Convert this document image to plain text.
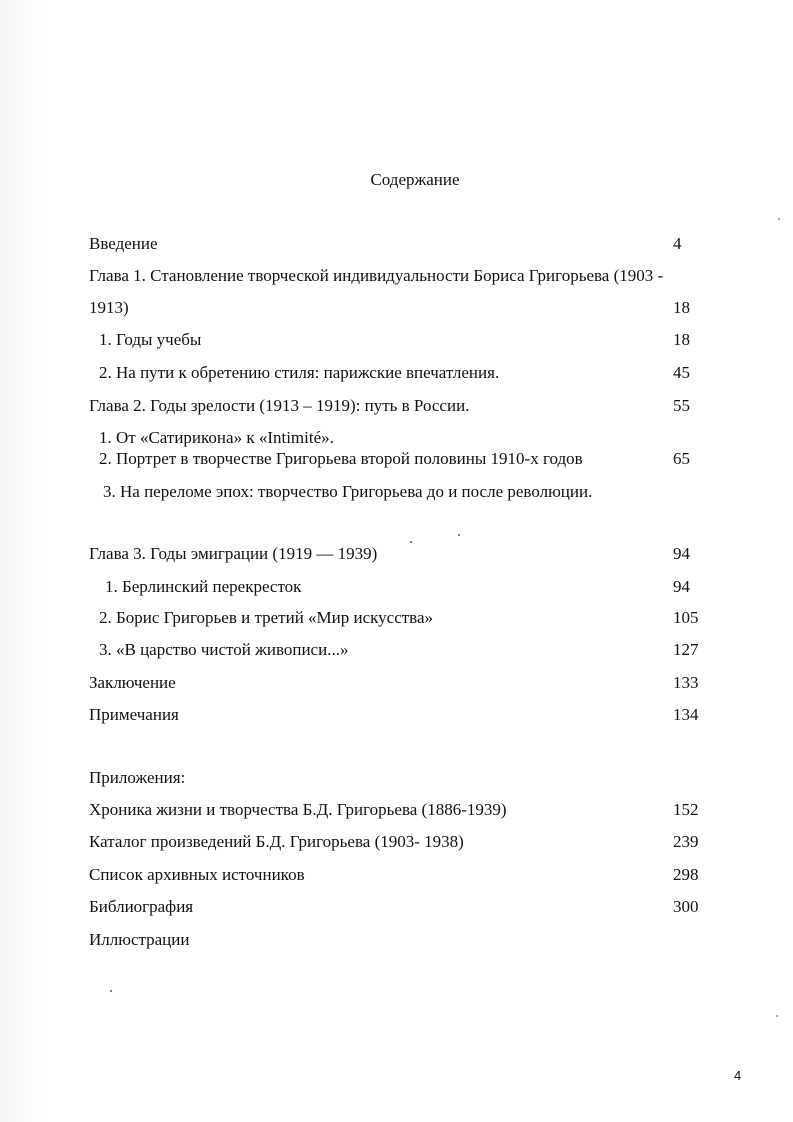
Содержание
Введение	4
Глава 1. Становление творческой индивидуальности Бориса Григорьева (1903 -
1913)	18
1. Годы учебы	18
2. На пути к обретению стиля: парижские впечатления.	45
Глава 2. Годы зрелости (1913 – 1919): путь в России.	55
1. От «Сатирикона» к «Intimité».
2. Портрет в творчестве Григорьева второй половины 1910-х годов	65
3. На переломе эпох: творчество Григорьева до и после революции.
Глава 3. Годы эмиграции (1919 — 1939)	94
1. Берлинский перекресток	94
2. Борис Григорьев и третий «Мир искусства»	105
3. «В царство чистой живописи...»	127
Заключение	133
Примечания	134
Приложения:
Хроника жизни и творчества Б.Д. Григорьева (1886-1939)	152
Каталог произведений Б.Д. Григорьева (1903- 1938)	239
Список архивных источников	298
Библиография	300
Иллюстрации
4
